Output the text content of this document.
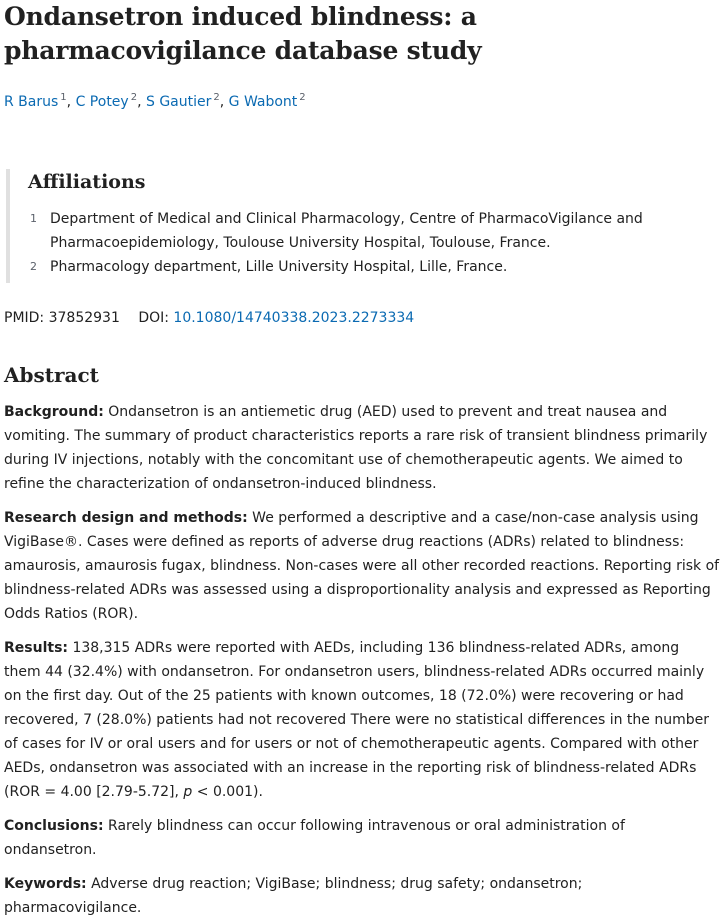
Ondansetron induced blindness: a pharmacovigilance database study
R Barus $^1$, C Potey $^2$, S Gautier $^2$, G Wabont $^2$
Affiliations
1 Department of Medical and Clinical Pharmacology, Centre of PharmacoVigilance and Pharmacoepidemiology, Toulouse University Hospital, Toulouse, France.
2 Pharmacology department, Lille University Hospital, Lille, France.
PMID: 37852931 DOI: 10.1080/14740338.2023.2273334
Abstract

Background: Ondansetron is an antiemetic drug (AED) used to prevent and treat nausea and vomiting. The summary of product characteristics reports a rare risk of transient blindness primarily during IV injections, notably with the concomitant use of chemotherapeutic agents. We aimed to refine the characterization of ondansetron-induced blindness.

Research design and methods: We performed a descriptive and a case/non-case analysis using VigiBase®. Cases were defined as reports of adverse drug reactions (ADRs) related to blindness: amaurosis, amaurosis fugax, blindness. Non-cases were all other recorded reactions. Reporting risk of blindness-related ADRs was assessed using a disproportionality analysis and expressed as Reporting Odds Ratios (ROR).

Results: 138,315 ADRs were reported with AEDs, including 136 blindness-related ADRs, among them 44 (32.4%) with ondansetron. For ondansetron users, blindness-related ADRs occurred mainly on the first day. Out of the 25 patients with known outcomes, 18 (72.0%) were recovering or had recovered, 7 (28.0%) patients had not recovered There were no statistical differences in the number of cases for IV or oral users and for users or not of chemotherapeutic agents. Compared with other AEDs, ondansetron was associated with an increase in the reporting risk of blindness-related ADRs (ROR = 4.00 [2.79-5.72], p < 0.001).

Conclusions: Rarely blindness can occur following intravenous or oral administration of ondansetron.

Keywords: Adverse drug reaction; VigiBase; blindness; drug safety; ondansetron; pharmacovigilance.
